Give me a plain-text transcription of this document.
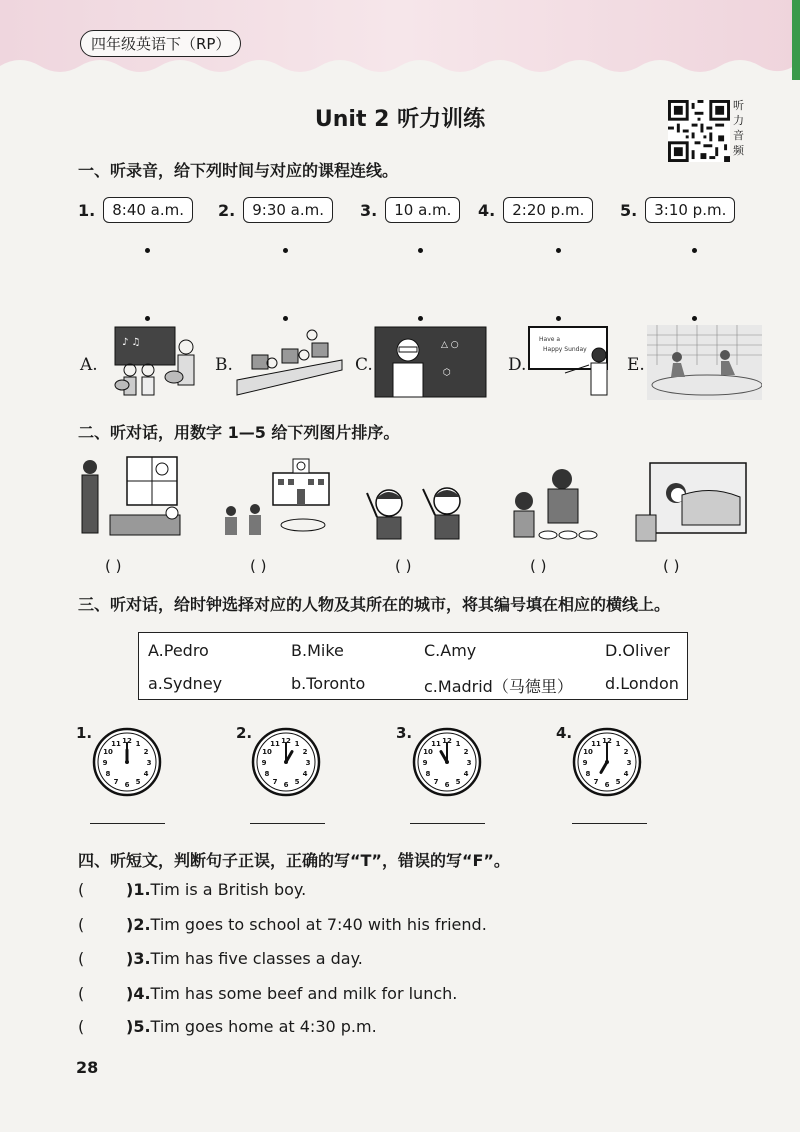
四年级英语下（RP）
Unit 2 听力训练
听力音频
一、听录音，给下列时间与对应的课程连线。
1.	8:40 a.m.	2.	9:30 a.m.	3.	10 a.m.	4.	2:20 p.m.	5.	3:10 p.m.
A.	B.	C.	D.	E.
♪ ♫	△ ○
⬡
Have a
Happy Sunday
二、听对话，用数字 1—5 给下列图片排序。
( )	( )	( )	( )	( )
三、听对话，给时钟选择对应的人物及其所在的城市，将其编号填在相应的横线上。
A.Pedro	B.Mike	C.Amy	D.Oliver
a.Sydney	b.Toronto	c.Madrid（马德里） d.London
1.	2.	3.	4.
1
2
3
4
5
6
7
8
9
10
11 12	1
2
3
4
5
6
7
8
9
10
11 12	1
2
3
4
5
6
7
8
9
10
11 12	1
2
3
4
5
6
7
8
9
10
11 12
四、听短文，判断句子正误，正确的写“T”，错误的写“F”。
(	)1.Tim is a British boy.
(	)2.Tim goes to school at 7:40 with his friend.
(	)3.Tim has five classes a day.
(	)4.Tim has some beef and milk for lunch.
(	)5.Tim goes home at 4:30 p.m.
28
